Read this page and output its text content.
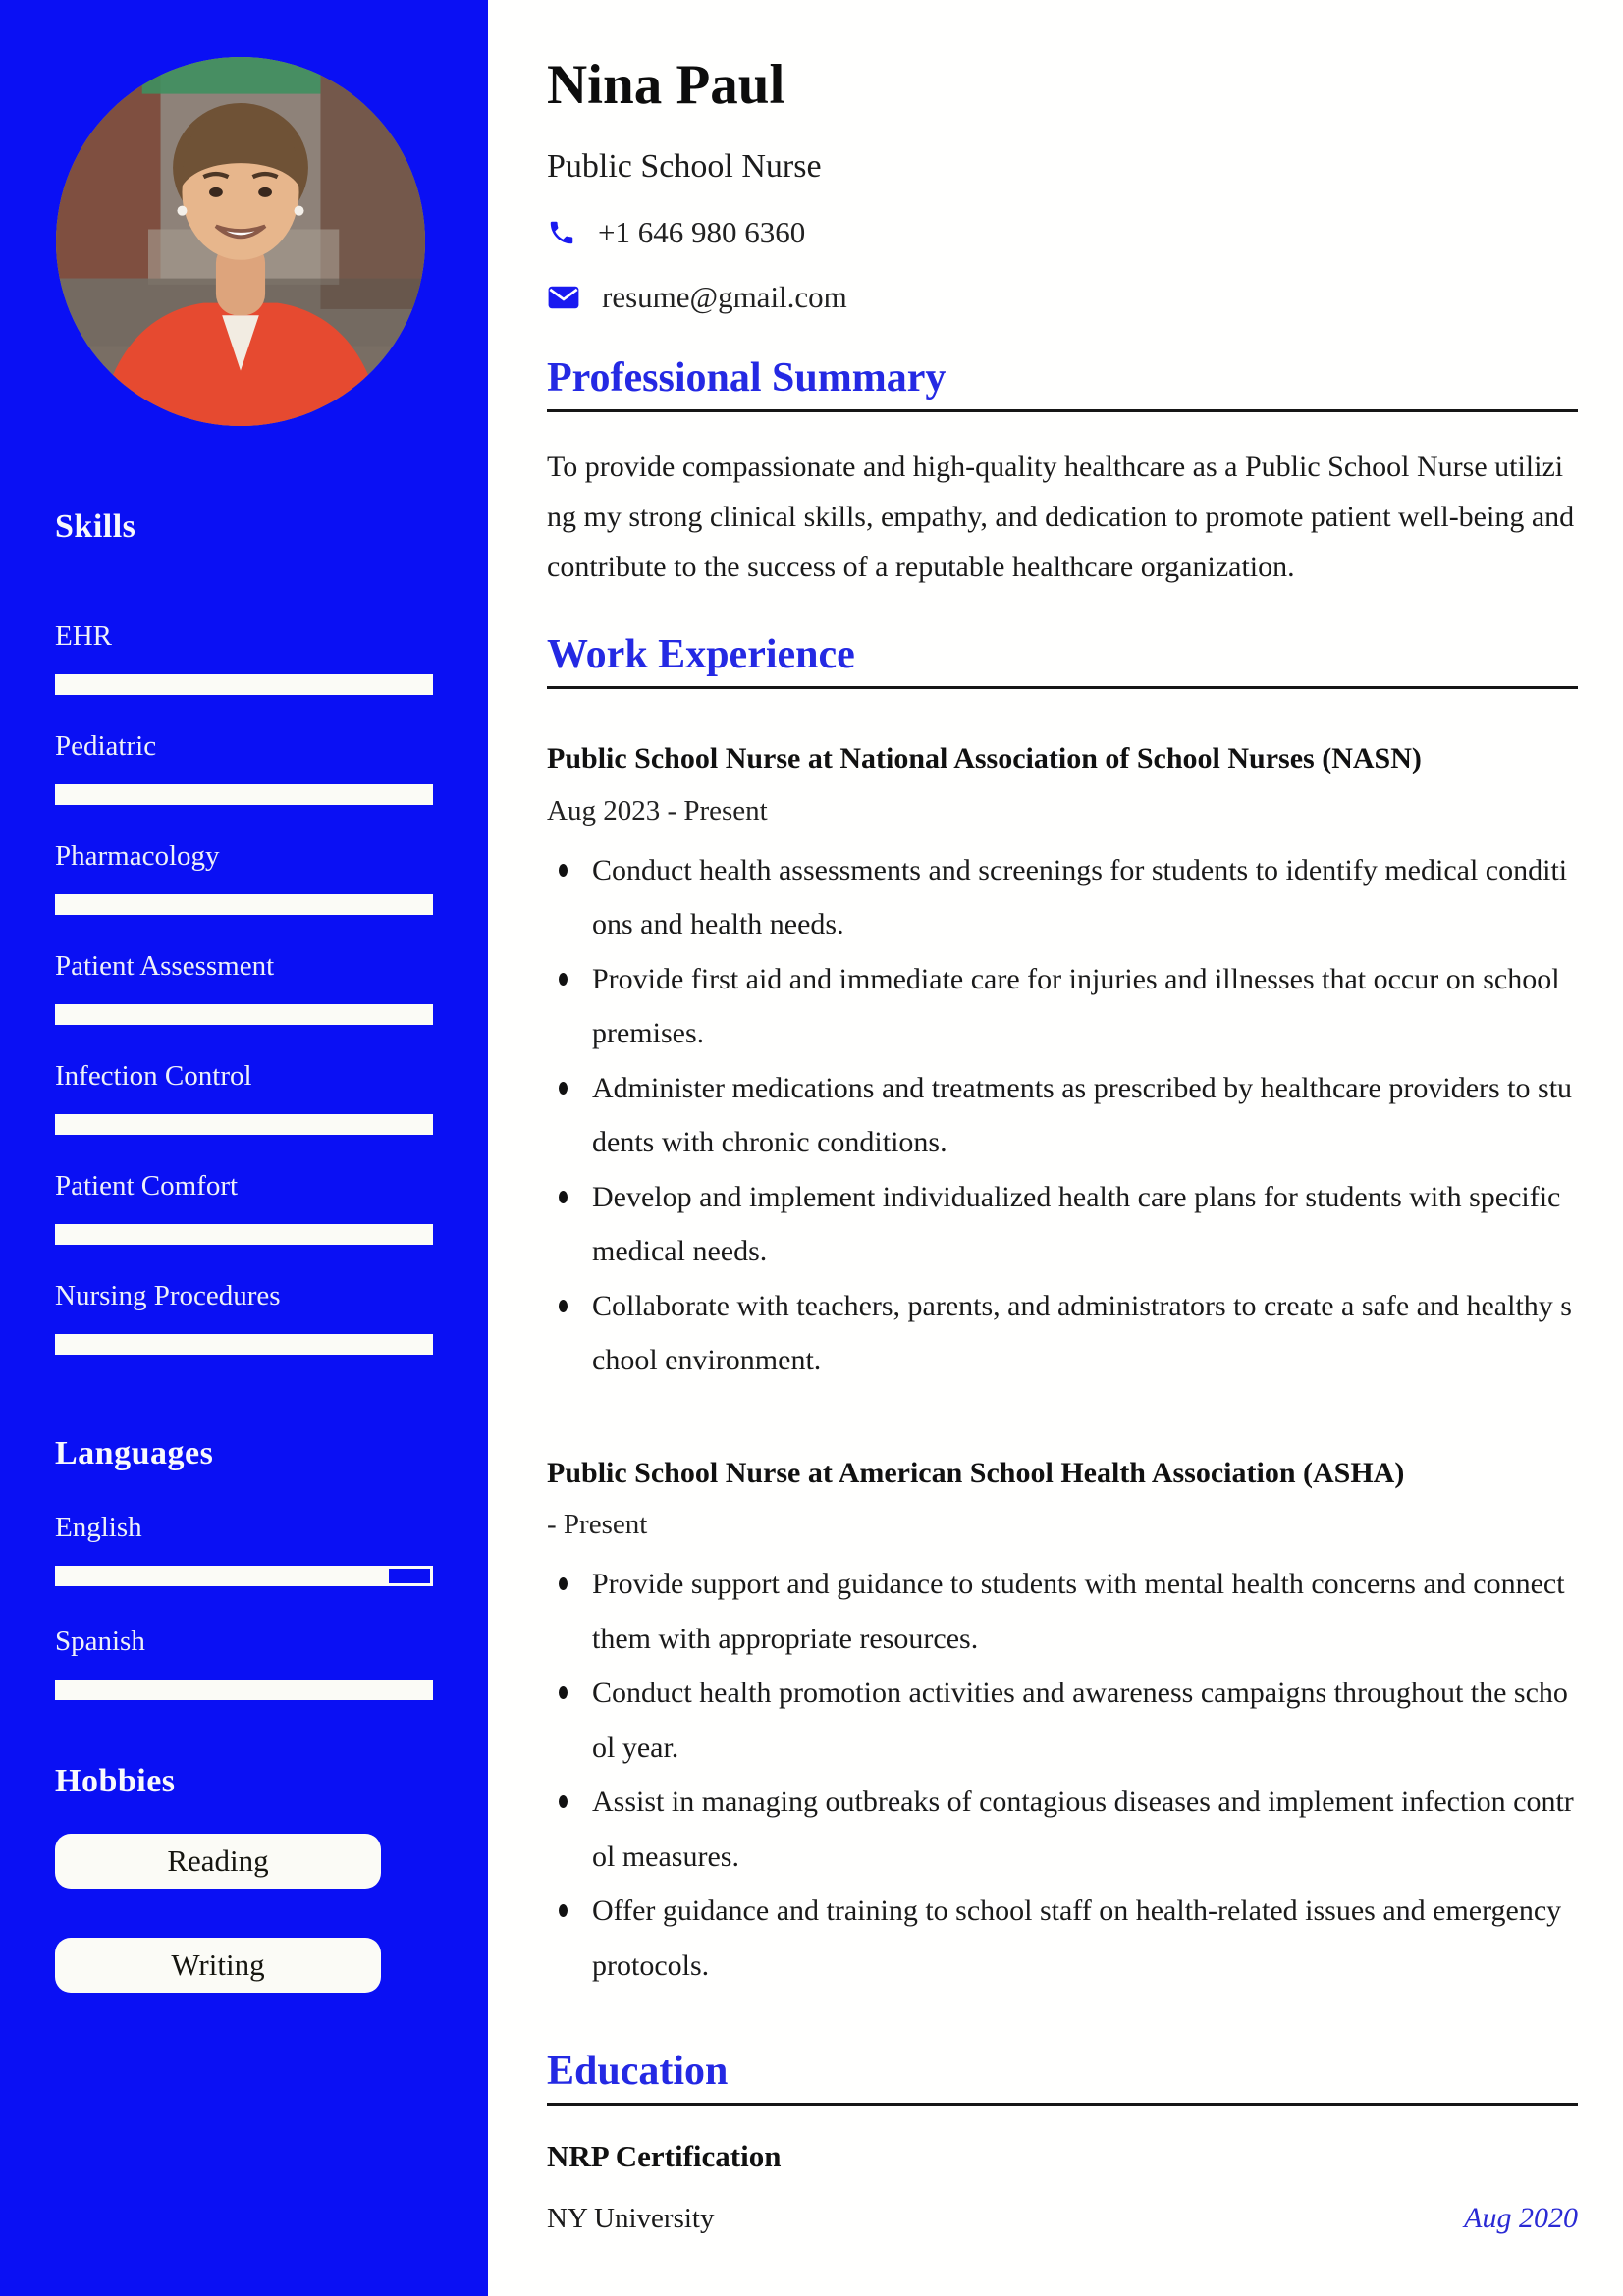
Skills
EHR
Pediatric
Pharmacology
Patient Assessment
Infection Control
Patient Comfort
Nursing Procedures
Languages
English
Spanish
Hobbies
Reading
Writing
Nina Paul
Public School Nurse
+1 646 980 6360
resume@gmail.com
Professional Summary

To provide compassionate and high-quality healthcare as a Public School Nurse utilizing my strong clinical skills, empathy, and dedication to promote patient well-being and contribute to the success of a reputable healthcare organization.

Work Experience
Public School Nurse at National Association of School Nurses (NASN)
Aug 2023 - Present
Conduct health assessments and screenings for students to identify medical conditions and health needs.
Provide first aid and immediate care for injuries and illnesses that occur on school premises.
Administer medications and treatments as prescribed by healthcare providers to students with chronic conditions.
Develop and implement individualized health care plans for students with specific medical needs.
Collaborate with teachers, parents, and administrators to create a safe and healthy school environment.
Public School Nurse at American School Health Association (ASHA)
- Present
Provide support and guidance to students with mental health concerns and connect them with appropriate resources.
Conduct health promotion activities and awareness campaigns throughout the school year.
Assist in managing outbreaks of contagious diseases and implement infection control measures.
Offer guidance and training to school staff on health-related issues and emergency protocols.
Education
NRP Certification
NY University	Aug 2020
